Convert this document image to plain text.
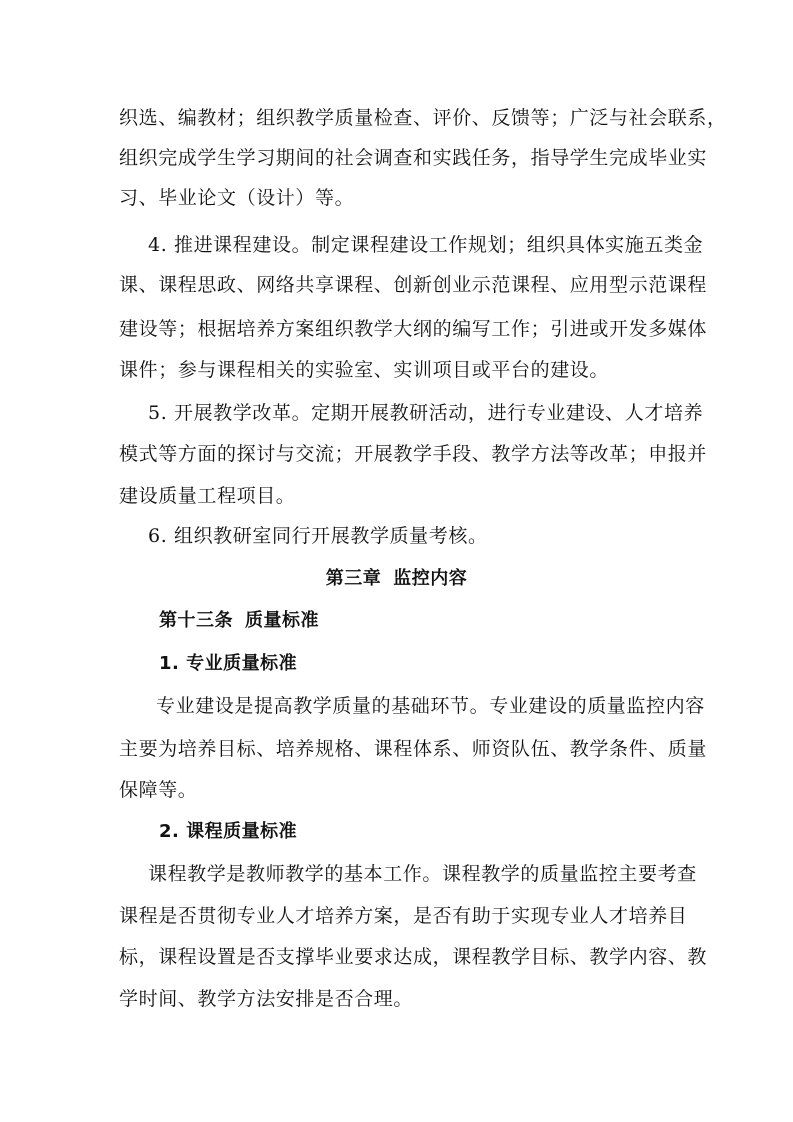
织选、编教材；组织教学质量检查、评价、反馈等；广泛与社会联系，
组织完成学生学习期间的社会调查和实践任务，指导学生完成毕业实
习、毕业论文（设计）等。
4. 推进课程建设。制定课程建设工作规划；组织具体实施五类金
课、课程思政、网络共享课程、创新创业示范课程、应用型示范课程
建设等；根据培养方案组织教学大纲的编写工作；引进或开发多媒体
课件；参与课程相关的实验室、实训项目或平台的建设。
5. 开展教学改革。定期开展教研活动，进行专业建设、人才培养
模式等方面的探讨与交流；开展教学手段、教学方法等改革；申报并
建设质量工程项目。
6. 组织教研室同行开展教学质量考核。
第三章 监控内容
第十三条 质量标准
1. 专业质量标准
专业建设是提高教学质量的基础环节。专业建设的质量监控内容
主要为培养目标、培养规格、课程体系、师资队伍、教学条件、质量
保障等。
2. 课程质量标准
课程教学是教师教学的基本工作。课程教学的质量监控主要考查
课程是否贯彻专业人才培养方案，是否有助于实现专业人才培养目
标，课程设置是否支撑毕业要求达成，课程教学目标、教学内容、教
学时间、教学方法安排是否合理。
